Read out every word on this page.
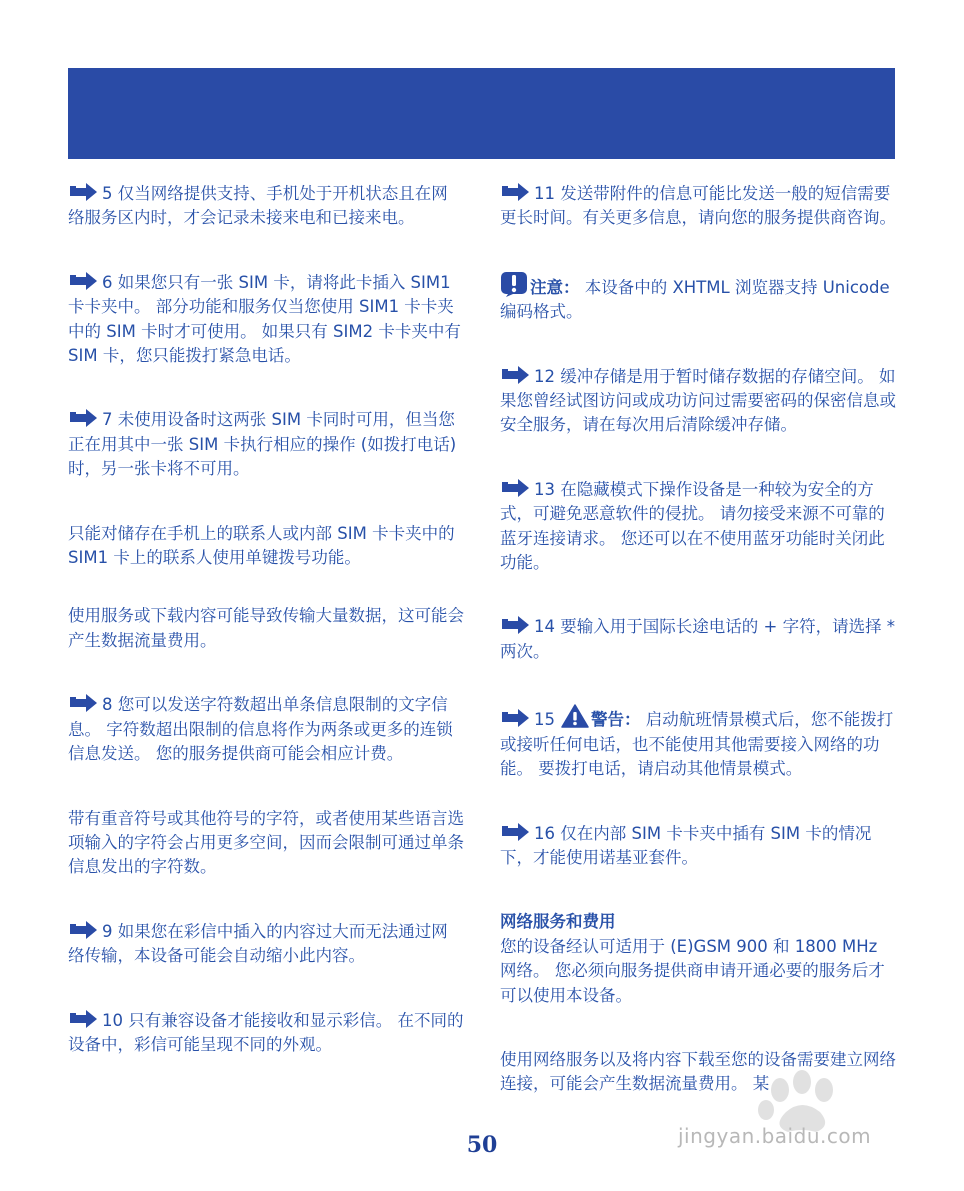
5 仅当网络提供支持、手机处于开机状态且在网络服务区内时，才会记录未接来电和已接来电。

6 如果您只有一张 SIM 卡，请将此卡插入 SIM1 卡卡夹中。 部分功能和服务仅当您使用 SIM1 卡卡夹中的 SIM 卡时才可使用。 如果只有 SIM2 卡卡夹中有 SIM 卡，您只能拨打紧急电话。

7 未使用设备时这两张 SIM 卡同时可用，但当您正在用其中一张 SIM 卡执行相应的操作 (如拨打电话) 时，另一张卡将不可用。

只能对储存在手机上的联系人或内部 SIM 卡卡夹中的 SIM1 卡上的联系人使用单键拨号功能。

使用服务或下载内容可能导致传输大量数据，这可能会产生数据流量费用。

8 您可以发送字符数超出单条信息限制的文字信息。 字符数超出限制的信息将作为两条或更多的连锁信息发送。 您的服务提供商可能会相应计费。

带有重音符号或其他符号的字符，或者使用某些语言选项输入的字符会占用更多空间，因而会限制可通过单条信息发出的字符数。

9 如果您在彩信中插入的内容过大而无法通过网络传输，本设备可能会自动缩小此内容。

10 只有兼容设备才能接收和显示彩信。 在不同的设备中，彩信可能呈现不同的外观。

11 发送带附件的信息可能比发送一般的短信需要更长时间。有关更多信息，请向您的服务提供商咨询。

注意： 本设备中的 XHTML 浏览器支持 Unicode 编码格式。

12 缓冲存储是用于暂时储存数据的存储空间。 如果您曾经试图访问或成功访问过需要密码的保密信息或安全服务，请在每次用后清除缓冲存储。

13 在隐藏模式下操作设备是一种较为安全的方式，可避免恶意软件的侵扰。 请勿接受来源不可靠的蓝牙连接请求。 您还可以在不使用蓝牙功能时关闭此功能。

14 要输入用于国际长途电话的 + 字符，请选择 * 两次。

15 警告： 启动航班情景模式后，您不能拨打或接听任何电话，也不能使用其他需要接入网络的功能。 要拨打电话，请启动其他情景模式。

16 仅在内部 SIM 卡卡夹中插有 SIM 卡的情况下，才能使用诺基亚套件。

网络服务和费用
您的设备经认可适用于 (E)GSM 900 和 1800 MHz 网络。 您必须向服务提供商申请开通必要的服务后才可以使用本设备。

使用网络服务以及将内容下载至您的设备需要建立网络连接，可能会产生数据流量费用。 某

jingyan.baidu.com
50
